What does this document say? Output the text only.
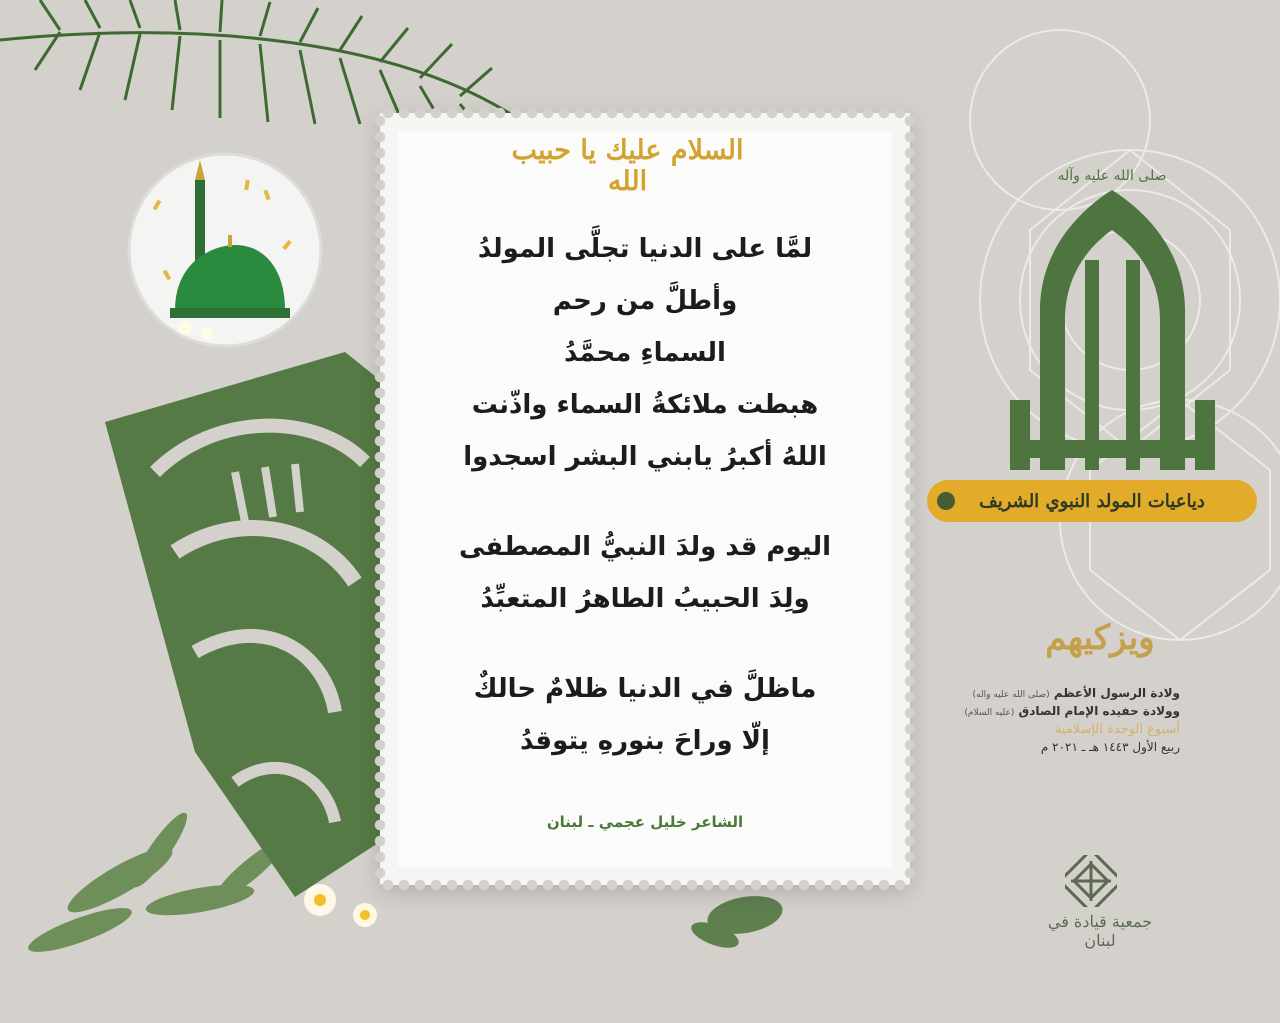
السلام عليك يا حبيب الله
لمَّا على الدنيا تجلَّى المولدُ
وأطلَّ من رحم
السماءِ محمَّدُ
هبطت ملائكةُ السماء واذّنت
اللهُ أكبرُ يابني البشر اسجدوا
اليوم قد ولدَ النبيُّ المصطفى
ولِدَ الحبيبُ الطاهرُ المتعبِّدُ
ماظلَّ في الدنيا ظلامٌ حالكٌ
إلّا وراحَ بنورهِ يتوقدُ
الشاعر خليل عجمي ـ لبنان
صلى الله عليه وآله
دياعيات المولد النبوي الشريف
ويزكيهم
ولادة الرسول الأعظم (صلى الله عليه واله)
وولادة حفيده الإمام الصادق (عليه السلام)
أسبوع الوحدة الإسلامية
ربيع الأول ١٤٤٣ هـ ـ ٢٠٢١ م
جمعية قيادة في لبنان
